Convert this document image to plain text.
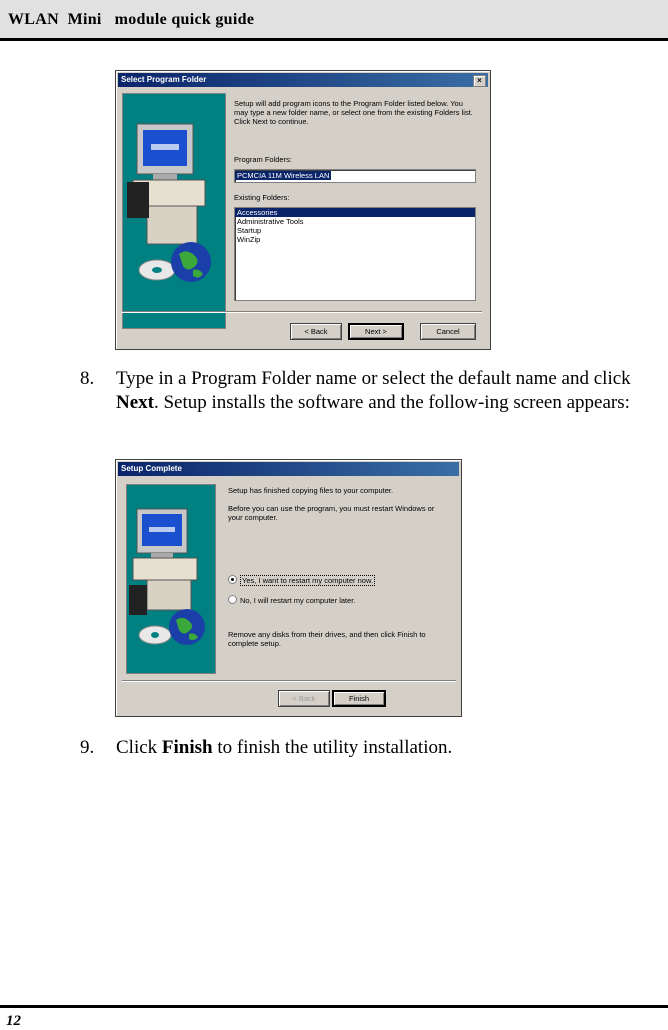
WLAN  Mini   module quick guide
Select Program Folder	×
Setup will add program icons to the Program Folder listed below. You may type a new folder name, or select one from the existing Folders list. Click Next to continue.
Program Folders:
PCMCIA 11M Wireless LAN
Existing Folders:
Accessories
Administrative Tools
Startup
WinZip
< Back	Next >	Cancel
8. Type in a Program Folder name or select the default name and click Next. Setup installs the software and the follow-ing screen appears:
Setup Complete
Setup has finished copying files to your computer.
Before you can use the program, you must restart Windows or your computer.
Yes, I want to restart my computer now.
No, I will restart my computer later.
Remove any disks from their drives, and then click Finish to complete setup.
< Back	Finish
9. Click Finish to finish the utility installation.
12
